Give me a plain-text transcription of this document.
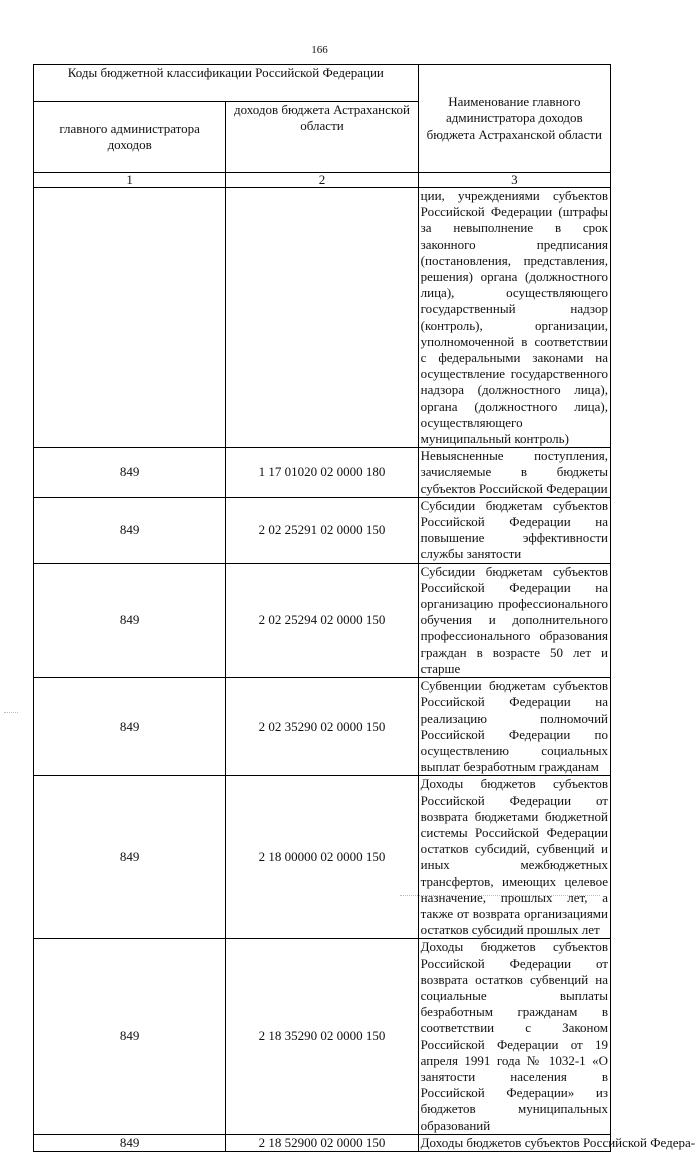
166
Коды бюджетной классификации Российской Федерации		Наименование главного администратора доходов бюджета Астраханской области
главного администратора доходов	доходов бюджета Астраханской области	
1	2	3
		ции, учреждениями субъектов Российской Федерации (штрафы за невыполнение в срок законного предписания (постановления, представления, решения) органа (должностного лица), осуществляющего государственный надзор (контроль), организации, уполномоченной в соответствии с федеральными законами на осуществление государственного надзора (должностного лица), органа (должностного лица), осуществляющего муниципальный контроль)
849	1 17 01020 02 0000 180	Невыясненные поступления, зачисляемые в бюджеты субъектов Российской Федерации
849	2 02 25291 02 0000 150	Субсидии бюджетам субъектов Российской Федерации на повышение эффективности службы занятости
849	2 02 25294 02 0000 150	Субсидии бюджетам субъектов Российской Федерации на организацию профессионального обучения и дополнительного профессионального образования граждан в возрасте 50 лет и старше
849	2 02 35290 02 0000 150	Субвенции бюджетам субъектов Российской Федерации на реализацию полномочий Российской Федерации по осуществлению социальных выплат безработным гражданам
849	2 18 00000 02 0000 150	Доходы бюджетов субъектов Российской Федерации от возврата бюджетами бюджетной системы Российской Федерации остатков субсидий, субвенций и иных межбюджетных трансфертов, имеющих целевое назначение, прошлых лет, а также от возврата организациями остатков субсидий прошлых лет
849	2 18 35290 02 0000 150	Доходы бюджетов субъектов Российской Федерации от возврата остатков субвенций на социальные выплаты безработным гражданам в соответствии с Законом Российской Федерации от 19 апреля 1991 года № 1032-1 «О занятости населения в Российской Федерации» из бюджетов муниципальных образований
849	2 18 52900 02 0000 150	Доходы бюджетов субъектов Российской Федера-
